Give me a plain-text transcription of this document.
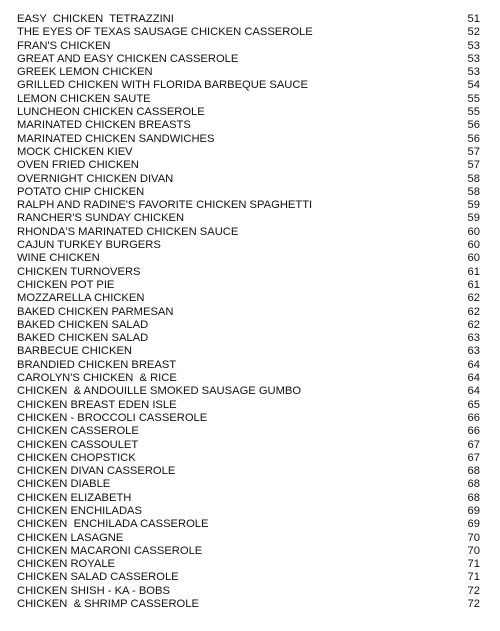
EASY  CHICKEN  TETRAZZINI	51
THE EYES OF TEXAS SAUSAGE CHICKEN CASSEROLE	52
FRAN'S CHICKEN	53
GREAT AND EASY CHICKEN CASSEROLE	53
GREEK LEMON CHICKEN	53
GRILLED CHICKEN WITH FLORIDA BARBEQUE SAUCE	54
LEMON CHICKEN SAUTE	55
LUNCHEON CHICKEN CASSEROLE	55
MARINATED CHICKEN BREASTS	56
MARINATED CHICKEN SANDWICHES	56
MOCK CHICKEN KIEV	57
OVEN FRIED CHICKEN	57
OVERNIGHT CHICKEN DIVAN	58
POTATO CHIP CHICKEN	58
RALPH AND RADINE'S FAVORITE CHICKEN SPAGHETTI	59
RANCHER'S SUNDAY CHICKEN	59
RHONDA'S MARINATED CHICKEN SAUCE	60
CAJUN TURKEY BURGERS	60
WINE CHICKEN	60
CHICKEN TURNOVERS	61
CHICKEN POT PIE	61
MOZZARELLA CHICKEN	62
BAKED CHICKEN PARMESAN	62
BAKED CHICKEN SALAD	62
BAKED CHICKEN SALAD	63
BARBECUE CHICKEN	63
BRANDIED CHICKEN BREAST	64
CAROLYN'S CHICKEN  & RICE	64
CHICKEN  & ANDOUILLE SMOKED SAUSAGE GUMBO	64
CHICKEN BREAST EDEN ISLE	65
CHICKEN - BROCCOLI CASSEROLE	66
CHICKEN CASSEROLE	66
CHICKEN CASSOULET	67
CHICKEN CHOPSTICK	67
CHICKEN DIVAN CASSEROLE	68
CHICKEN DIABLE	68
CHICKEN ELIZABETH	68
CHICKEN ENCHILADAS	69
CHICKEN  ENCHILADA CASSEROLE	69
CHICKEN LASAGNE	70
CHICKEN MACARONI CASSEROLE	70
CHICKEN ROYALE	71
CHICKEN SALAD CASSEROLE	71
CHICKEN SHISH - KA - BOBS	72
CHICKEN  & SHRIMP CASSEROLE	72
